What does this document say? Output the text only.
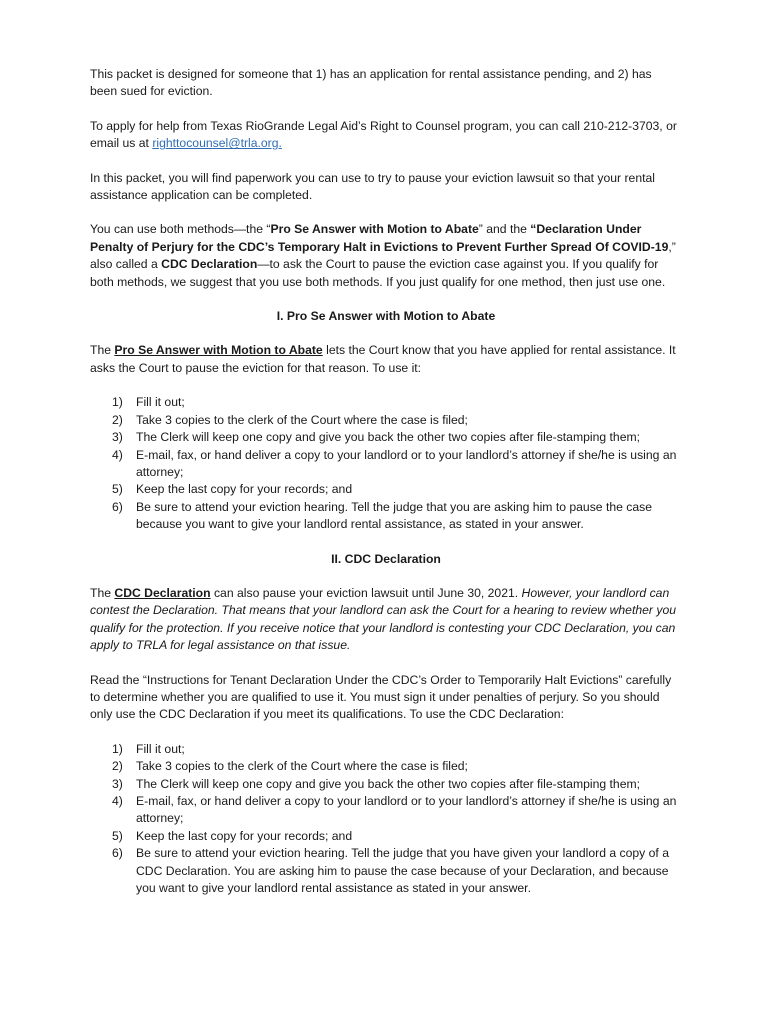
This packet is designed for someone that 1) has an application for rental assistance pending, and 2) has been sued for eviction.

To apply for help from Texas RioGrande Legal Aid’s Right to Counsel program, you can call 210-212-3703, or email us at righttocounsel@trla.org.

In this packet, you will find paperwork you can use to try to pause your eviction lawsuit so that your rental assistance application can be completed.

You can use both methods—the “Pro Se Answer with Motion to Abate” and the “Declaration Under Penalty of Perjury for the CDC’s Temporary Halt in Evictions to Prevent Further Spread Of COVID-19,” also called a CDC Declaration—to ask the Court to pause the eviction case against you. If you qualify for both methods, we suggest that you use both methods. If you just qualify for one method, then just use one.

I. Pro Se Answer with Motion to Abate

The Pro Se Answer with Motion to Abate lets the Court know that you have applied for rental assistance. It asks the Court to pause the eviction for that reason. To use it:

1) Fill it out;
2) Take 3 copies to the clerk of the Court where the case is filed;
3) The Clerk will keep one copy and give you back the other two copies after file-stamping them;
4) E-mail, fax, or hand deliver a copy to your landlord or to your landlord’s attorney if she/he is using an attorney;
5) Keep the last copy for your records; and
6) Be sure to attend your eviction hearing. Tell the judge that you are asking him to pause the case because you want to give your landlord rental assistance, as stated in your answer.
II. CDC Declaration

The CDC Declaration can also pause your eviction lawsuit until June 30, 2021. However, your landlord can contest the Declaration. That means that your landlord can ask the Court for a hearing to review whether you qualify for the protection. If you receive notice that your landlord is contesting your CDC Declaration, you can apply to TRLA for legal assistance on that issue.

Read the “Instructions for Tenant Declaration Under the CDC’s Order to Temporarily Halt Evictions” carefully to determine whether you are qualified to use it. You must sign it under penalties of perjury. So you should only use the CDC Declaration if you meet its qualifications. To use the CDC Declaration:

1) Fill it out;
2) Take 3 copies to the clerk of the Court where the case is filed;
3) The Clerk will keep one copy and give you back the other two copies after file-stamping them;
4) E-mail, fax, or hand deliver a copy to your landlord or to your landlord’s attorney if she/he is using an attorney;
5) Keep the last copy for your records; and
6) Be sure to attend your eviction hearing. Tell the judge that you have given your landlord a copy of a CDC Declaration. You are asking him to pause the case because of your Declaration, and because you want to give your landlord rental assistance as stated in your answer.
